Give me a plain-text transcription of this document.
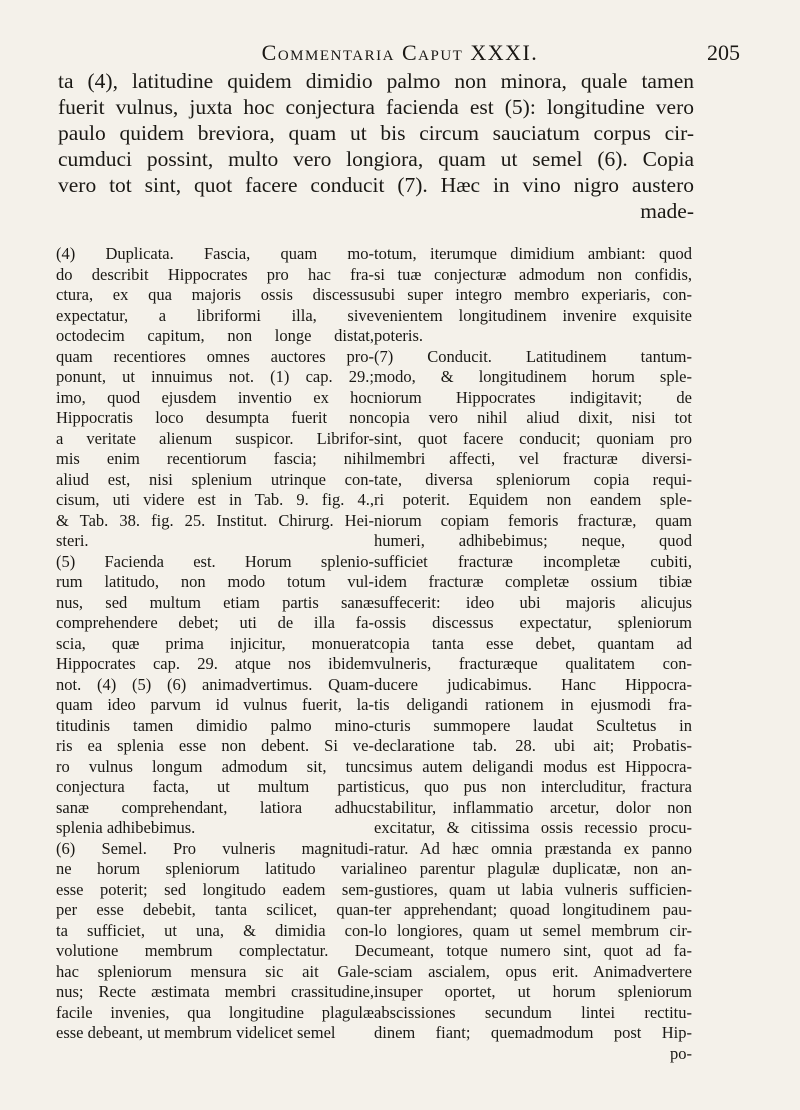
Commentaria Caput XXXI.	205
ta (4), latitudine quidem dimidio palmo non minora, quale tamen
fuerit vulnus, juxta hoc conjectura facienda est (5): longitudine vero
paulo quidem breviora, quam ut bis circum sauciatum corpus cir-
cumduci possint, multo vero longiora, quam ut semel (6). Copia
vero tot sint, quot facere conducit (7). Hæc in vino nigro austero
made-
(4) Duplicata. Fascia, quam mo-
do describit Hippocrates pro hac fra-
ctura, ex qua majoris ossis discessus
expectatur, a libriformi illa, sive
octodecim capitum, non longe distat,
quam recentiores omnes auctores pro-
ponunt, ut innuimus not. (1) cap. 29.;
imo, quod ejusdem inventio ex hoc
Hippocratis loco desumpta fuerit non
a veritate alienum suspicor. Librifor-
mis enim recentiorum fascia; nihil
aliud est, nisi splenium utrinque con-
cisum, uti videre est in Tab. 9. fig. 4.,
& Tab. 38. fig. 25. Institut. Chirurg. Hei-
steri.
(5) Facienda est. Horum splenio-
rum latitudo, non modo totum vul-
nus, sed multum etiam partis sanæ
comprehendere debet; uti de illa fa-
scia, quæ prima injicitur, monuerat
Hippocrates cap. 29. atque nos ibidem
not. (4) (5) (6) animadvertimus. Quam-
quam ideo parvum id vulnus fuerit, la-
titudinis tamen dimidio palmo mino-
ris ea splenia esse non debent. Si ve-
ro vulnus longum admodum sit, tunc
conjectura facta, ut multum partis
sanæ comprehendant, latiora adhuc
splenia adhibebimus.
(6) Semel. Pro vulneris magnitudi-
ne horum spleniorum latitudo varia
esse poterit; sed longitudo eadem sem-
per esse debebit, tanta scilicet, quan-
ta sufficiet, ut una, & dimidia con-
volutione membrum complectatur. De
hac spleniorum mensura sic ait Gale-
nus; Recte æstimata membri crassitudine,
facile invenies, qua longitudine plagulæ
esse debeant, ut membrum videlicet semel
totum, iterumque dimidium ambiant: quod
si tuæ conjecturæ admodum non confidis,
ubi super integro membro experiaris, con-
venientem longitudinem invenire exquisite
poteris.
(7) Conducit. Latitudinem tantum-
modo, & longitudinem horum sple-
niorum Hippocrates indigitavit; de
copia vero nihil aliud dixit, nisi tot
sint, quot facere conducit; quoniam pro
membri affecti, vel fracturæ diversi-
tate, diversa spleniorum copia requi-
ri poterit. Equidem non eandem sple-
niorum copiam femoris fracturæ, quam
humeri, adhibebimus; neque, quod
sufficiet fracturæ incompletæ cubiti,
idem fracturæ completæ ossium tibiæ
suffecerit: ideo ubi majoris alicujus
ossis discessus expectatur, spleniorum
copia tanta esse debet, quantam ad
vulneris, fracturæque qualitatem con-
ducere judicabimus. Hanc Hippocra-
tis deligandi rationem in ejusmodi fra-
cturis summopere laudat Scultetus in
declaratione tab. 28. ubi ait; Probatis-
simus autem deligandi modus est Hippocra-
ticus, quo pus non intercluditur, fractura
stabilitur, inflammatio arcetur, dolor non
excitatur, & citissima ossis recessio procu-
ratur. Ad hæc omnia præstanda ex panno
lineo parentur plagulæ duplicatæ, non an-
gustiores, quam ut labia vulneris sufficien-
ter apprehendant; quoad longitudinem pau-
lo longiores, quam ut semel membrum cir-
cumeant, totque numero sint, quot ad fa-
sciam ascialem, opus erit. Animadvertere
insuper oportet, ut horum spleniorum
abscissiones secundum lintei rectitu-
dinem fiant; quemadmodum post Hip-
po-
